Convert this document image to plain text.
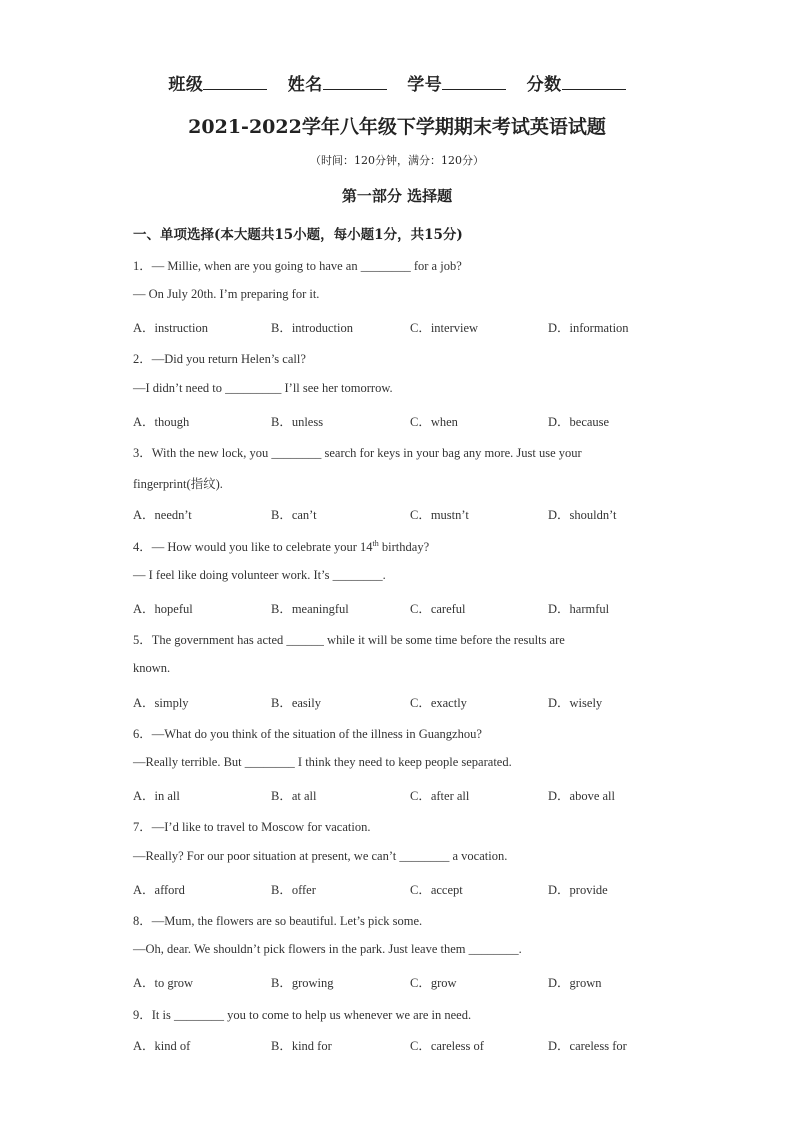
班级	姓名	学号	分数
2021-2022学年八年级下学期期末考试英语试题
（时间：120分钟，满分：120分）
第一部分 选择题
一、单项选择(本大题共15小题，每小题1分，共15分)
1．— Millie, when are you going to have an ________ for a job?
— On July 20th. I’m preparing for it.
A．instruction	B．introduction	C．interview	D．information
2．—Did you return Helen’s call?
—I didn’t need to _________ I’ll see her tomorrow.
A．though	B．unless	C．when	D．because
3．With the new lock, you ________ search for keys in your bag any more. Just use your
fingerprint(指纹).
A．needn’t	B．can’t	C．mustn’t	D．shouldn’t
4．— How would you like to celebrate your 14th birthday?
— I feel like doing volunteer work. It’s ________.
A．hopeful	B．meaningful	C．careful	D．harmful
5．The government has acted ______ while it will be some time before the results are
known.
A．simply	B．easily	C．exactly	D．wisely
6．—What do you think of the situation of the illness in Guangzhou?
—Really terrible. But ________ I think they need to keep people separated.
A．in all	B．at all	C．after all	D．above all
7．—I’d like to travel to Moscow for vacation.
—Really? For our poor situation at present, we can’t ________ a vocation.
A．afford	B．offer	C．accept	D．provide
8．—Mum, the flowers are so beautiful. Let’s pick some.
—Oh, dear. We shouldn’t pick flowers in the park. Just leave them ________.
A．to grow	B．growing	C．grow	D．grown
9．It is ________ you to come to help us whenever we are in need.
A．kind of	B．kind for	C．careless of	D．careless for
